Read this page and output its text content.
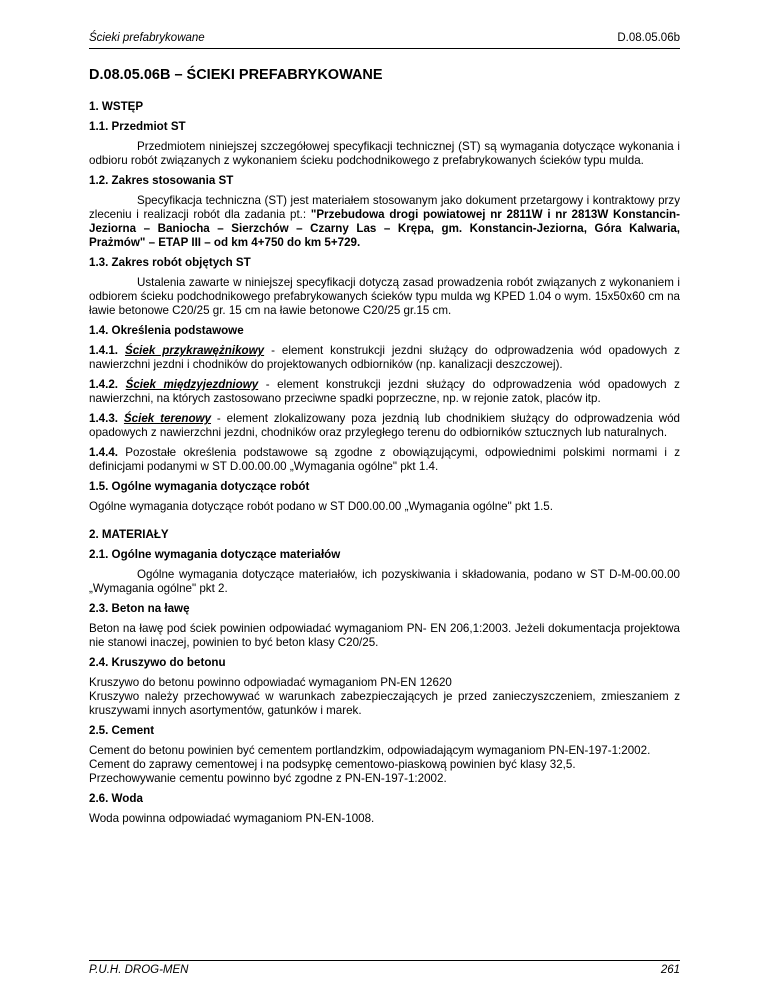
Ścieki prefabrykowane	D.08.05.06b
D.08.05.06B – ŚCIEKI PREFABRYKOWANE
1. WSTĘP
1.1. Przedmiot ST

Przedmiotem niniejszej szczegółowej specyfikacji technicznej (ST) są wymagania dotyczące wykonania i odbioru robót związanych z wykonaniem ścieku podchodnikowego z prefabrykowanych ścieków typu mulda.

1.2. Zakres stosowania ST

Specyfikacja techniczna (ST) jest materiałem stosowanym jako dokument przetargowy i kontraktowy przy zleceniu i realizacji robót dla zadania pt.: "Przebudowa drogi powiatowej nr 2811W i nr 2813W Konstancin-Jeziorna – Baniocha – Sierzchów – Czarny Las – Krępa, gm. Konstancin-Jeziorna, Góra Kalwaria, Prażmów" – ETAP III – od km 4+750 do km 5+729.

1.3. Zakres robót objętych ST

Ustalenia zawarte w niniejszej specyfikacji dotyczą zasad prowadzenia robót związanych z wykonaniem i odbiorem ścieku podchodnikowego prefabrykowanych ścieków typu mulda wg KPED 1.04 o wym. 15x50x60 cm na ławie betonowe C20/25 gr. 15 cm na ławie betonowe C20/25 gr.15 cm.

1.4. Określenia podstawowe

1.4.1. Ściek przykrawężnikowy - element konstrukcji jezdni służący do odprowadzenia wód opadowych z nawierzchni jezdni i chodników do projektowanych odbiorników (np. kanalizacji deszczowej).

1.4.2. Ściek międzyjezdniowy - element konstrukcji jezdni służący do odprowadzenia wód opadowych z nawierzchni, na których zastosowano przeciwne spadki poprzeczne, np. w rejonie zatok, placów itp.

1.4.3. Ściek terenowy - element zlokalizowany poza jezdnią lub chodnikiem służący do odprowadzenia wód opadowych z nawierzchni jezdni, chodników oraz przyległego terenu do odbiorników sztucznych lub naturalnych.

1.4.4. Pozostałe określenia podstawowe są zgodne z obowiązującymi, odpowiednimi polskimi normami i z definicjami podanymi w ST D.00.00.00 „Wymagania ogólne" pkt 1.4.

1.5. Ogólne wymagania dotyczące robót

Ogólne wymagania dotyczące robót podano w ST D00.00.00 „Wymagania ogólne" pkt 1.5.

2. MATERIAŁY
2.1. Ogólne wymagania dotyczące materiałów

Ogólne wymagania dotyczące materiałów, ich pozyskiwania i składowania, podano w ST D-M-00.00.00 „Wymagania ogólne" pkt 2.

2.3. Beton na ławę

Beton na ławę pod ściek powinien odpowiadać wymaganiom PN- EN 206,1:2003. Jeżeli dokumentacja projektowa nie stanowi inaczej, powinien to być beton klasy C20/25.

2.4. Kruszywo do betonu

Kruszywo do betonu powinno odpowiadać wymaganiom PN-EN 12620
Kruszywo należy przechowywać w warunkach zabezpieczających je przed zanieczyszczeniem, zmieszaniem z kruszywami innych asortymentów, gatunków i marek.

2.5. Cement

Cement do betonu powinien być cementem portlandzkim, odpowiadającym wymaganiom PN-EN-197-1:2002.
Cement do zaprawy cementowej i na podsypkę cementowo-piaskową powinien być klasy 32,5.
Przechowywanie cementu powinno być zgodne z PN-EN-197-1:2002.

2.6. Woda

Woda powinna odpowiadać wymaganiom PN-EN-1008.

P.U.H. DROG-MEN	261
